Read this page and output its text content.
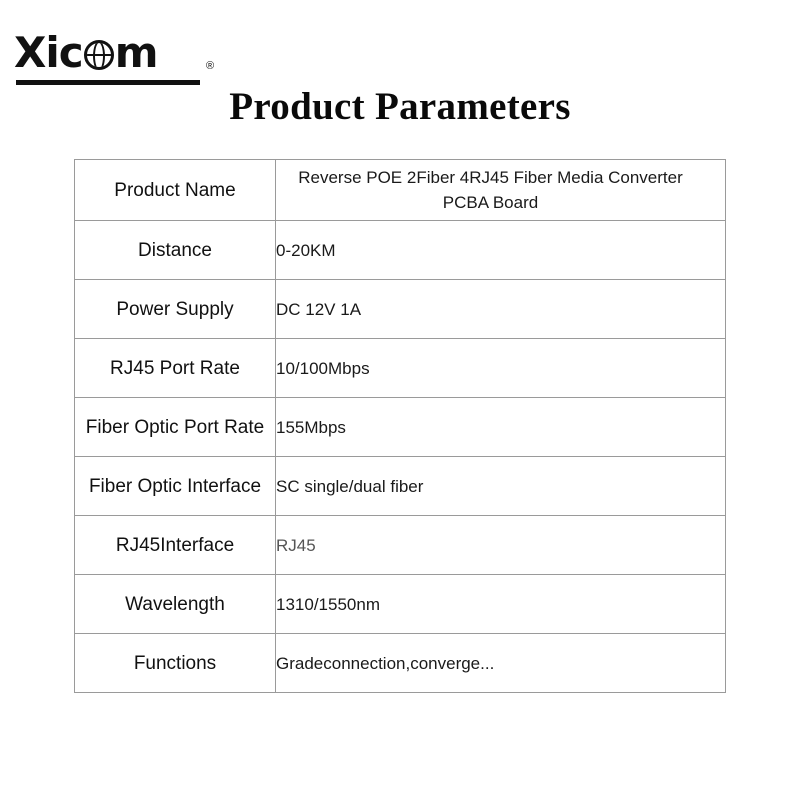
Xic m	®
Product Parameters
Product Name	Reverse POE 2Fiber 4RJ45 Fiber Media Converter PCBA Board
Distance	0-20KM
Power Supply	DC 12V 1A
RJ45 Port Rate	10/100Mbps
Fiber Optic Port Rate	155Mbps
Fiber Optic Interface	SC single/dual fiber
RJ45Interface	RJ45
Wavelength	1310/1550nm
Functions	Gradeconnection,converge...
